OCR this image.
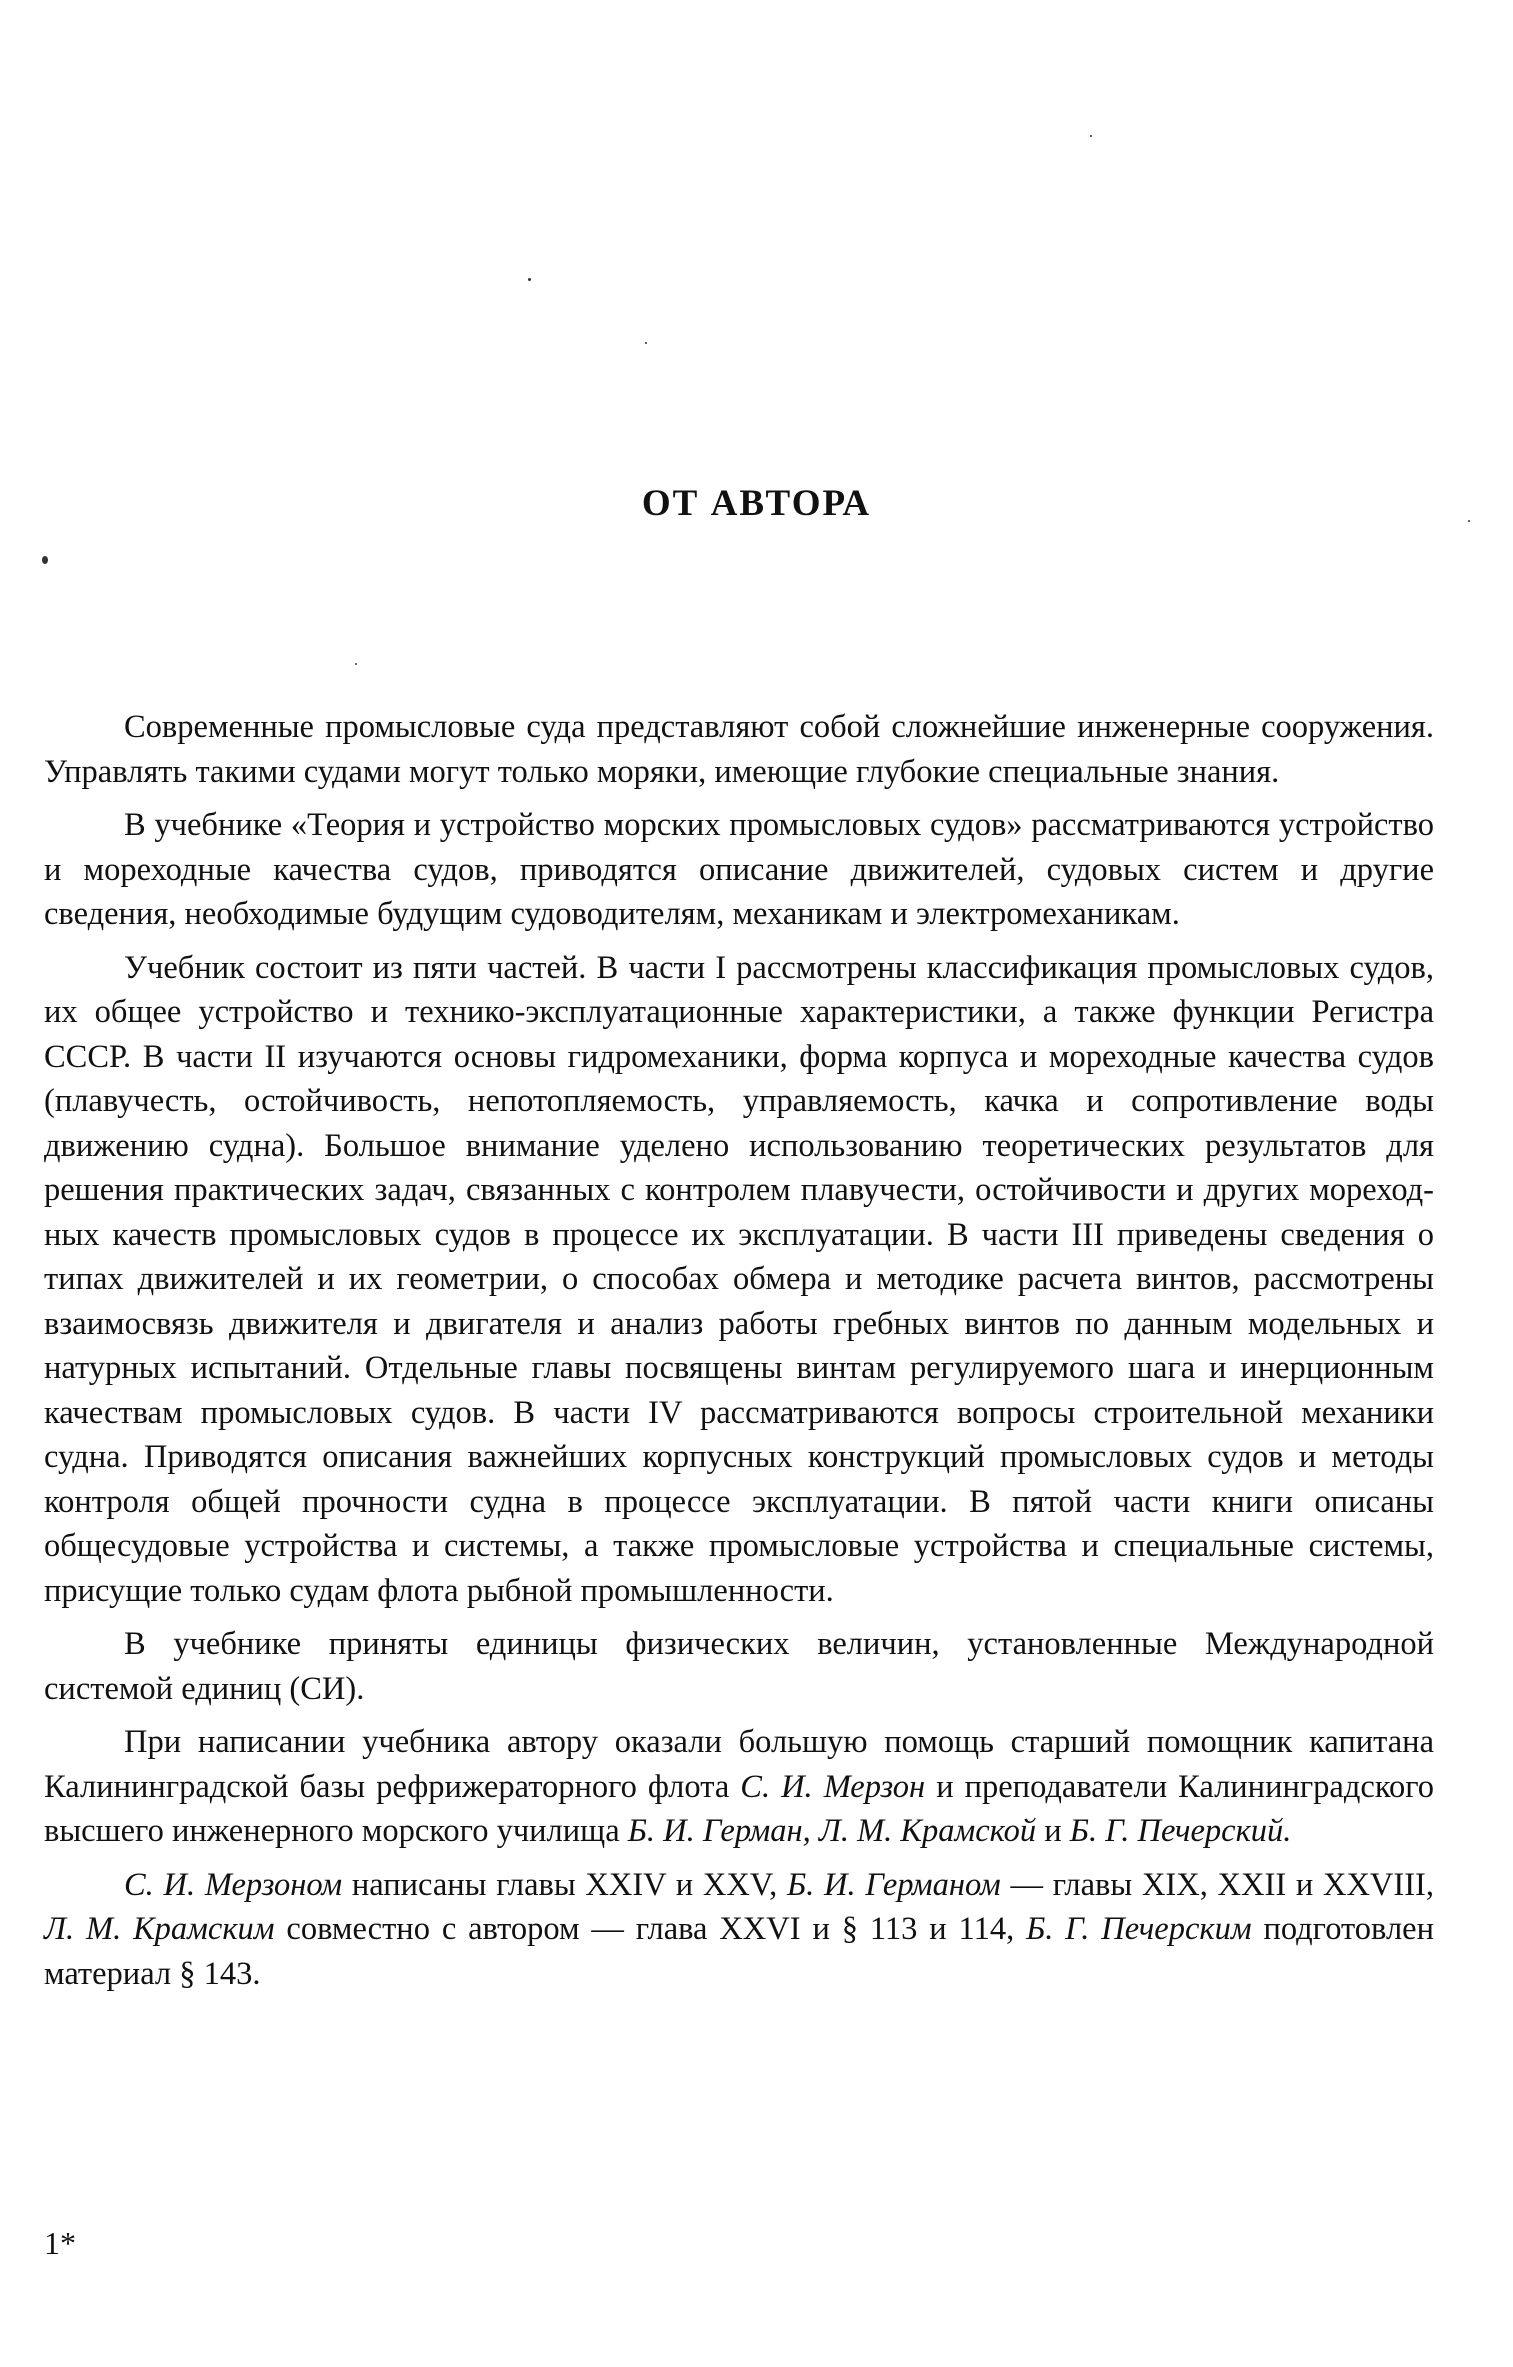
ОТ АВТОРА

Современные промысловые суда представляют собой сложнейшие инженерные сооружения. Управлять такими судами могут только моряки, имеющие глубокие специальные знания.

В учебнике «Теория и устройство морских промысловых судов» рассматриваются устройство и мореходные качества судов, приводятся описание движителей, судовых систем и другие сведения, необходимые будущим судоводителям, механикам и электромеханикам.

Учебник состоит из пяти частей. В части I рассмотрены классификация промысловых судов, их общее устройство и технико-эксплуатационные характеристики, а также функции Регистра СССР. В части II изучаются основы гидромеханики, форма корпуса и мореходные качества судов (плавучесть, остойчивость, непотопляемость, управляемость, качка и сопротивление воды движению судна). Большое внимание уделено использованию теоретических результатов для решения практических задач, связанных с контролем плавучести, остойчивости и других мореходных качеств промысловых судов в процессе их эксплуатации. В части III приведены сведения о типах движителей и их геометрии, о способах обмера и методике расчета винтов, рассмотрены взаимосвязь движителя и двигателя и анализ работы гребных винтов по данным модельных и натурных испытаний. Отдельные главы посвящены винтам регулируемого шага и инерционным качествам промысловых судов. В части IV рассматриваются вопросы строительной механики судна. Приводятся описания важнейших корпусных конструкций промысловых судов и методы контроля общей прочности судна в процессе эксплуатации. В пятой части книги описаны общесудовые устройства и системы, а также промысловые устройства и специальные системы, присущие только судам флота рыбной промышленности.

В учебнике приняты единицы физических величин, установленные Международной системой единиц (СИ).

При написании учебника автору оказали большую помощь старший помощник капитана Калининградской базы рефрижераторного флота С. И. Мерзон и преподаватели Калининградского высшего инженерного морского училища Б. И. Герман, Л. М. Крамской и Б. Г. Печерский.

С. И. Мерзоном написаны главы XXIV и XXV, Б. И. Германом — главы XIX, XXII и XXVIII, Л. М. Крамским совместно с автором — глава XXVI и § 113 и 114, Б. Г. Печерским подготовлен материал § 143.

1*
